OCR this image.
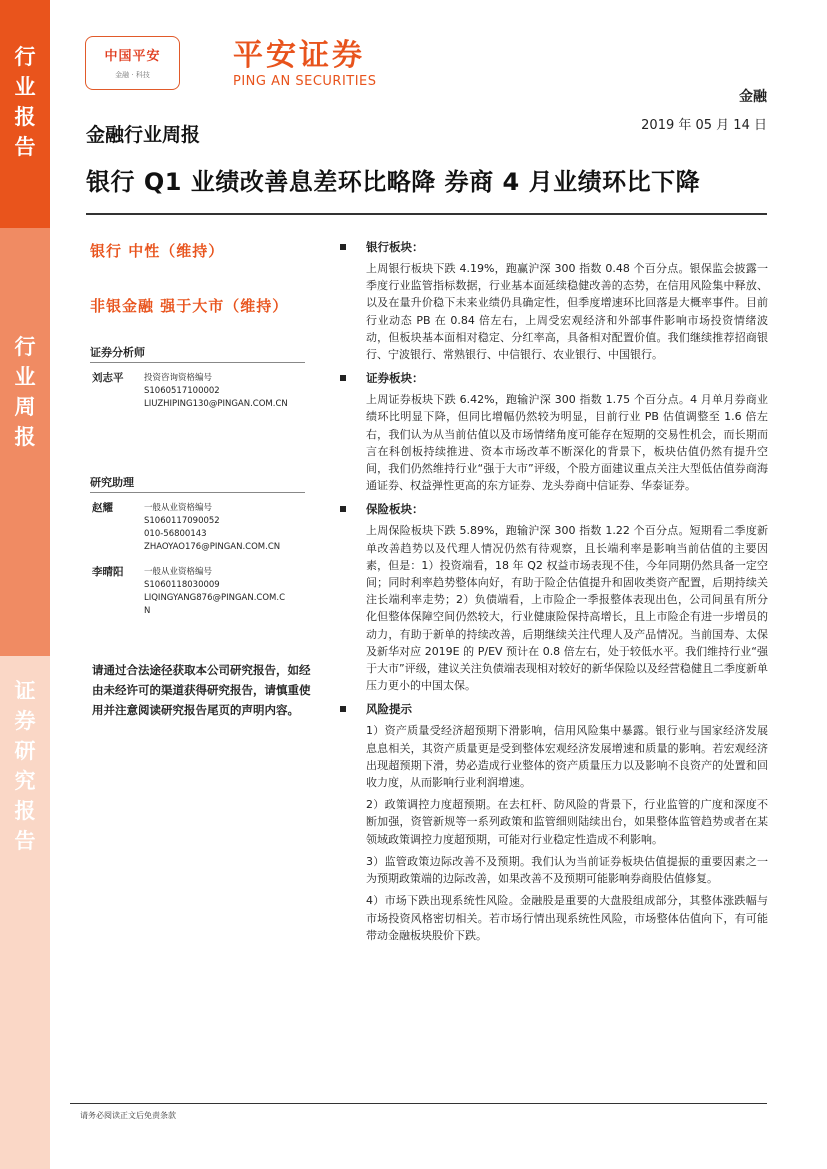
行
业
报
告
行
业
周
报
证
券
研
究
报
告
中国平安
金融 · 科技
平安证券
PING AN SECURITIES
金融
金融行业周报	2019 年 05 月 14 日
银行 Q1 业绩改善息差环比略降 券商 4 月业绩环比下降
银行 中性（维持）
非银金融 强于大市（维持）
证券分析师
刘志平 投资咨询资格编号
S1060517100002
LIUZHIPING130@PINGAN.COM.CN
研究助理
赵耀	一般从业资格编号
S1060117090052
010-56800143
ZHAOYAO176@PINGAN.COM.CN
李晴阳 一般从业资格编号
S1060118030009
LIQINGYANG876@PINGAN.COM.C
N
请通过合法途径获取本公司研究报告，如经由未经许可的渠道获得研究报告，请慎重使用并注意阅读研究报告尾页的声明内容。
银行板块：

上周银行板块下跌 4.19%，跑赢沪深 300 指数 0.48 个百分点。银保监会披露一季度行业监管指标数据，行业基本面延续稳健改善的态势，在信用风险集中释放、以及在量升价稳下未来业绩仍具确定性，但季度增速环比回落是大概率事件。目前行业动态 PB 在 0.84 倍左右，上周受宏观经济和外部事件影响市场投资情绪波动，但板块基本面相对稳定、分红率高，具备相对配置价值。我们继续推荐招商银行、宁波银行、常熟银行、中信银行、农业银行、中国银行。

证券板块：

上周证券板块下跌 6.42%，跑输沪深 300 指数 1.75 个百分点。4 月单月券商业绩环比明显下降，但同比增幅仍然较为明显，目前行业 PB 估值调整至 1.6 倍左右，我们认为从当前估值以及市场情绪角度可能存在短期的交易性机会，而长期而言在科创板持续推进、资本市场改革不断深化的背景下，板块估值仍然有提升空间，我们仍然维持行业“强于大市”评级，个股方面建议重点关注大型低估值券商海通证券、权益弹性更高的东方证券、龙头券商中信证券、华泰证券。

保险板块：

上周保险板块下跌 5.89%，跑输沪深 300 指数 1.22 个百分点。短期看二季度新单改善趋势以及代理人情况仍然有待观察，且长端利率是影响当前估值的主要因素，但是：1）投资端看，18 年 Q2 权益市场表现不佳，今年同期仍然具备一定空间；同时利率趋势整体向好，有助于险企估值提升和固收类资产配置，后期持续关注长端利率走势；2）负债端看，上市险企一季报整体表现出色，公司间虽有所分化但整体保障空间仍然较大，行业健康险保持高增长，且上市险企有进一步增员的动力，有助于新单的持续改善，后期继续关注代理人及产品情况。当前国寿、太保及新华对应 2019E 的 P/EV 预计在 0.8 倍左右，处于较低水平。我们维持行业“强于大市”评级，建议关注负债端表现相对较好的新华保险以及经营稳健且二季度新单压力更小的中国太保。

风险提示

1）资产质量受经济超预期下滑影响，信用风险集中暴露。银行业与国家经济发展息息相关，其资产质量更是受到整体宏观经济发展增速和质量的影响。若宏观经济出现超预期下滑，势必造成行业整体的资产质量压力以及影响不良资产的处置和回收力度，从而影响行业利润增速。

2）政策调控力度超预期。在去杠杆、防风险的背景下，行业监管的广度和深度不断加强，资管新规等一系列政策和监管细则陆续出台，如果整体监管趋势或者在某领域政策调控力度超预期，可能对行业稳定性造成不利影响。

3）监管政策边际改善不及预期。我们认为当前证券板块估值提振的重要因素之一为预期政策端的边际改善，如果改善不及预期可能影响券商股估值修复。

4）市场下跌出现系统性风险。金融股是重要的大盘股组成部分，其整体涨跌幅与市场投资风格密切相关。若市场行情出现系统性风险，市场整体估值向下，有可能带动金融板块股价下跌。

请务必阅读正文后免责条款
